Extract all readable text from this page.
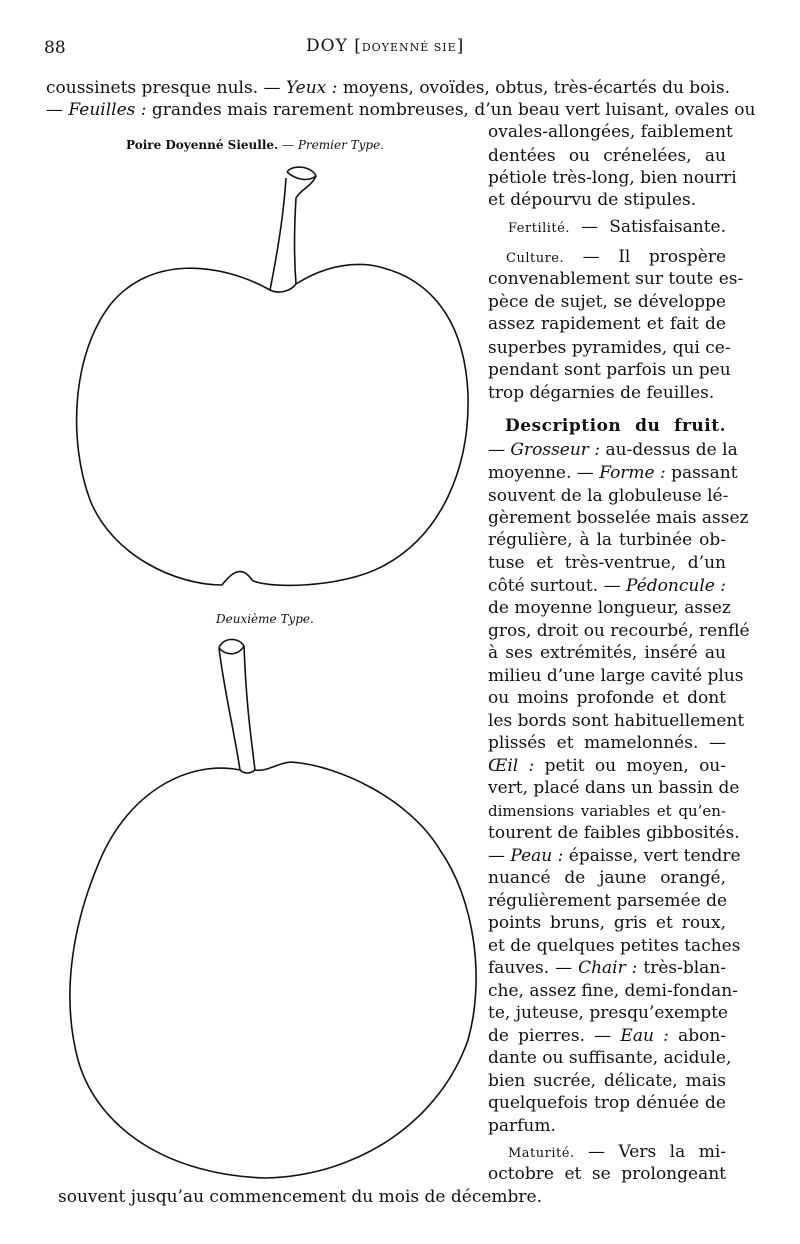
88	DOY [DOYENNÉ SIE]
coussinets presque nuls. — Yeux : moyens, ovoïdes, obtus, très-écartés du bois.
— Feuilles : grandes mais rarement nombreuses, d’un beau vert luisant, ovales ou
Poire Doyenné Sieulle. — Premier Type.
Deuxième Type.
ovales-allongées, faiblement
dentées ou crénelées, au
pétiole très-long, bien nourri
et dépourvu de stipules.
Fertilité. — Satisfaisante.
Culture. — Il prospère
convenablement sur toute es-
pèce de sujet, se développe
assez rapidement et fait de
superbes pyramides, qui ce-
pendant sont parfois un peu
trop dégarnies de feuilles.
Description du fruit.
— Grosseur : au-dessus de la
moyenne. — Forme : passant
souvent de la globuleuse lé-
gèrement bosselée mais assez
régulière, à la turbinée ob-
tuse et très-ventrue, d’un
côté surtout. — Pédoncule :
de moyenne longueur, assez
gros, droit ou recourbé, renflé
à ses extrémités, inséré au
milieu d’une large cavité plus
ou moins profonde et dont
les bords sont habituellement
plissés et mamelonnés. —
Œil : petit ou moyen, ou-
vert, placé dans un bassin de
dimensions variables et qu’en-
tourent de faibles gibbosités.
— Peau : épaisse, vert tendre
nuancé de jaune orangé,
régulièrement parsemée de
points bruns, gris et roux,
et de quelques petites taches
fauves. — Chair : très-blan-
che, assez fine, demi-fondan-
te, juteuse, presqu’exempte
de pierres. — Eau : abon-
dante ou suffisante, acidule,
bien sucrée, délicate, mais
quelquefois trop dénuée de
parfum.
Maturité. — Vers la mi-
octobre et se prolongeant
souvent jusqu’au commencement du mois de décembre.
